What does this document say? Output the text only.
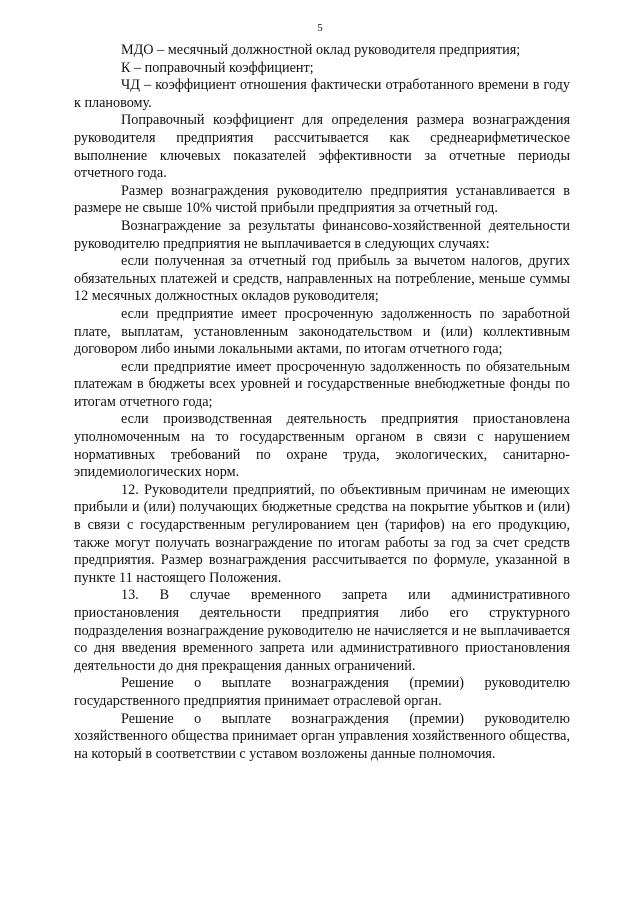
5

МДО – месячный должностной оклад руководителя предприятия;

К – поправочный коэффициент;

ЧД – коэффициент отношения фактически отработанного времени в году к плановому.

Поправочный коэффициент для определения размера вознаграждения руководителя предприятия рассчитывается как среднеарифметическое выполнение ключевых показателей эффективности за отчетные периоды отчетного года.

Размер вознаграждения руководителю предприятия устанавливается в размере не свыше 10% чистой прибыли предприятия за отчетный год.

Вознаграждение за результаты финансово-хозяйственной деятельности руководителю предприятия не выплачивается в следующих случаях:

если полученная за отчетный год прибыль за вычетом налогов, других обязательных платежей и средств, направленных на потребление, меньше суммы 12 месячных должностных окладов руководителя;

если предприятие имеет просроченную задолженность по заработной плате, выплатам, установленным законодательством и (или) коллективным договором либо иными локальными актами, по итогам отчетного года;

если предприятие имеет просроченную задолженность по обязательным платежам в бюджеты всех уровней и государственные внебюджетные фонды по итогам отчетного года;

если производственная деятельность предприятия приостановлена уполномоченным на то государственным органом в связи с нарушением нормативных требований по охране труда, экологических, санитарно-эпидемиологических норм.

12. Руководители предприятий, по объективным причинам не имеющих прибыли и (или) получающих бюджетные средства на покрытие убытков и (или) в связи с государственным регулированием цен (тарифов) на его продукцию, также могут получать вознаграждение по итогам работы за год за счет средств предприятия. Размер вознаграждения рассчитывается по формуле, указанной в пункте 11 настоящего Положения.

13. В случае временного запрета или административного приостановления деятельности предприятия либо его структурного подразделения вознаграждение руководителю не начисляется и не выплачивается со дня введения временного запрета или административного приостановления деятельности до дня прекращения данных ограничений.

Решение о выплате вознаграждения (премии) руководителю государственного предприятия принимает отраслевой орган.

Решение о выплате вознаграждения (премии) руководителю хозяйственного общества принимает орган управления хозяйственного общества, на который в соответствии с уставом возложены данные полномочия.
